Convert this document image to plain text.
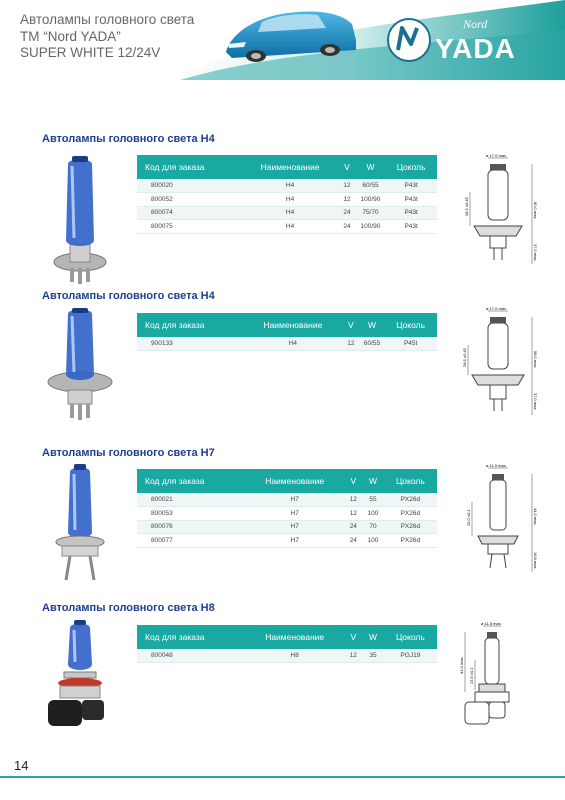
Автолампы головного света
ТМ “Nord YADA”
SUPER WHITE 12/24V
Nord
YADA
Автолампы головного света H4
Код для заказа	Наименование	V	W	Цоколь
800020	H4	12	60/55	P43t
800052	H4	12	100/90	P43t
800074	H4	24	75/70	P43t
800075	H4	24	100/90	P43t
ø 17.0 max.
60.0 max.
28.5 ±0.45
37.0 max.
Автолампы головного света H4
Код для заказа	Наименование	V	W	Цоколь
900133	H4	12	60/55	P45t
ø 17.0 max.
58.0 max.
28.5 ±0.45
37.0 max.
Автолампы головного света H7
Код для заказа	Наименование	V	W	Цоколь
800021	H7	12	55	PX26d
800053	H7	12	100	PX26d
800076	H7	24	70	PX26d
800077	H7	24	100	PX26d
ø 11.0 max.
25.0 ±0.1	44.0 max.
16.8 max.
Автолампы головного света H8
Код для заказа	Наименование	V	W	Цоколь
800048	H8	12	35	PGJ19
ø 11.5 max.
41.0 max.
23.5 ±0.1
14
